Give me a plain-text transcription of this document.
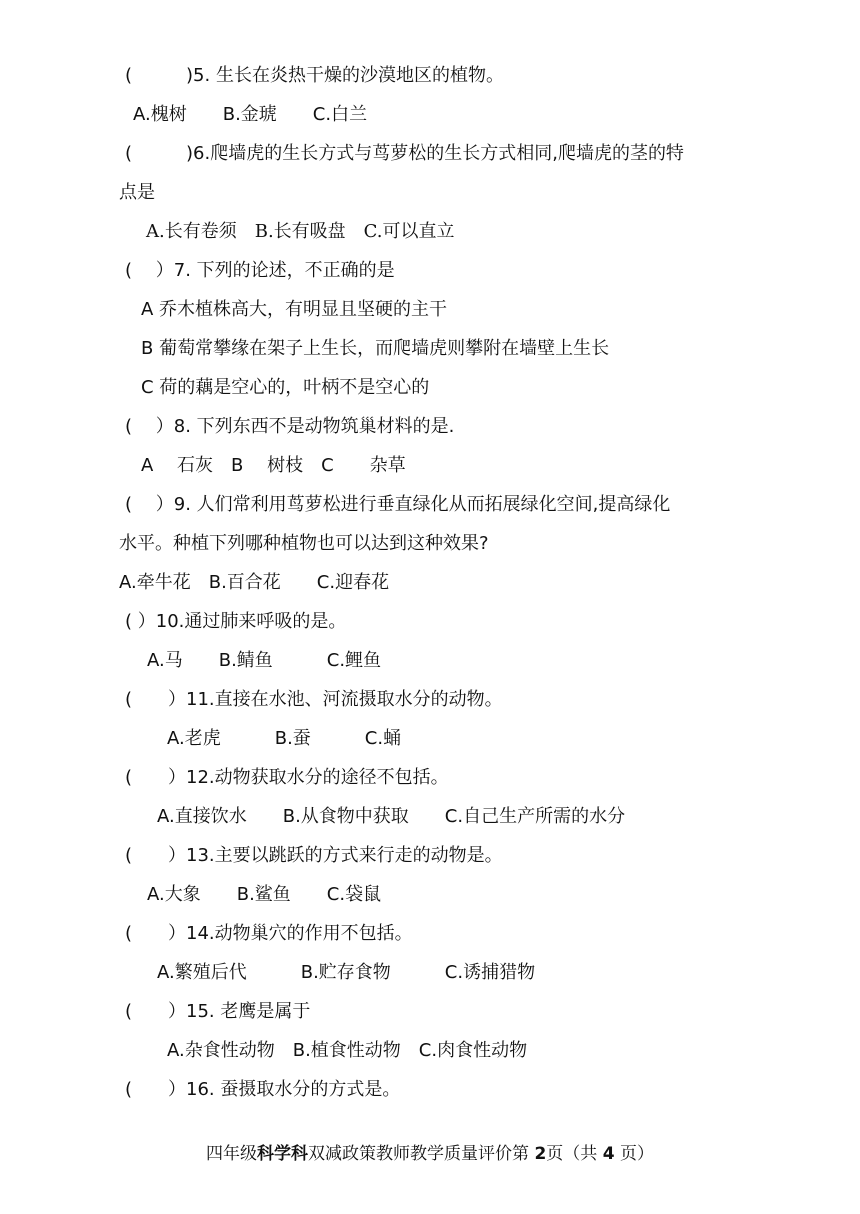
(　　　)5. 生长在炎热干燥的沙漠地区的植物。
A.槐树　　B.金琥　　C.白兰
(　　　)6.爬墙虎的生长方式与茑萝松的生长方式相同,爬墙虎的茎的特
点是
A.长有卷须　B.长有吸盘　C.可以直立
(　 ）7. 下列的论述，不正确的是
A 乔木植株高大，有明显且坚硬的主干
B 葡萄常攀缘在架子上生长，而爬墙虎则攀附在墙壁上生长
C 荷的藕是空心的，叶柄不是空心的
(　 ）8. 下列东西不是动物筑巢材料的是.
A　 石灰　B　 树枝　C　　杂草
(　 ）9. 人们常利用茑萝松进行垂直绿化从而拓展绿化空间,提高绿化
水平。种植下列哪种植物也可以达到这种效果?
A.牵牛花　B.百合花　　C.迎春花
( ）10.通过肺来呼吸的是。
A.马　　B.鲭鱼　　　C.鲤鱼
(　　）11.直接在水池、河流摄取水分的动物。
A.老虎　　　B.蚕　　　C.蛹
(　　）12.动物获取水分的途径不包括。
A.直接饮水　　B.从食物中获取　　C.自己生产所需的水分
(　　）13.主要以跳跃的方式来行走的动物是。
A.大象　　B.鲨鱼　　C.袋鼠
(　　）14.动物巢穴的作用不包括。
A.繁殖后代　　　B.贮存食物　　　C.诱捕猎物
(　　）15. 老鹰是属于
A.杂食性动物　B.植食性动物　C.肉食性动物
(　　）16. 蚕摄取水分的方式是。
四年级科学科双减政策教师教学质量评价第 2页（共 4 页）
